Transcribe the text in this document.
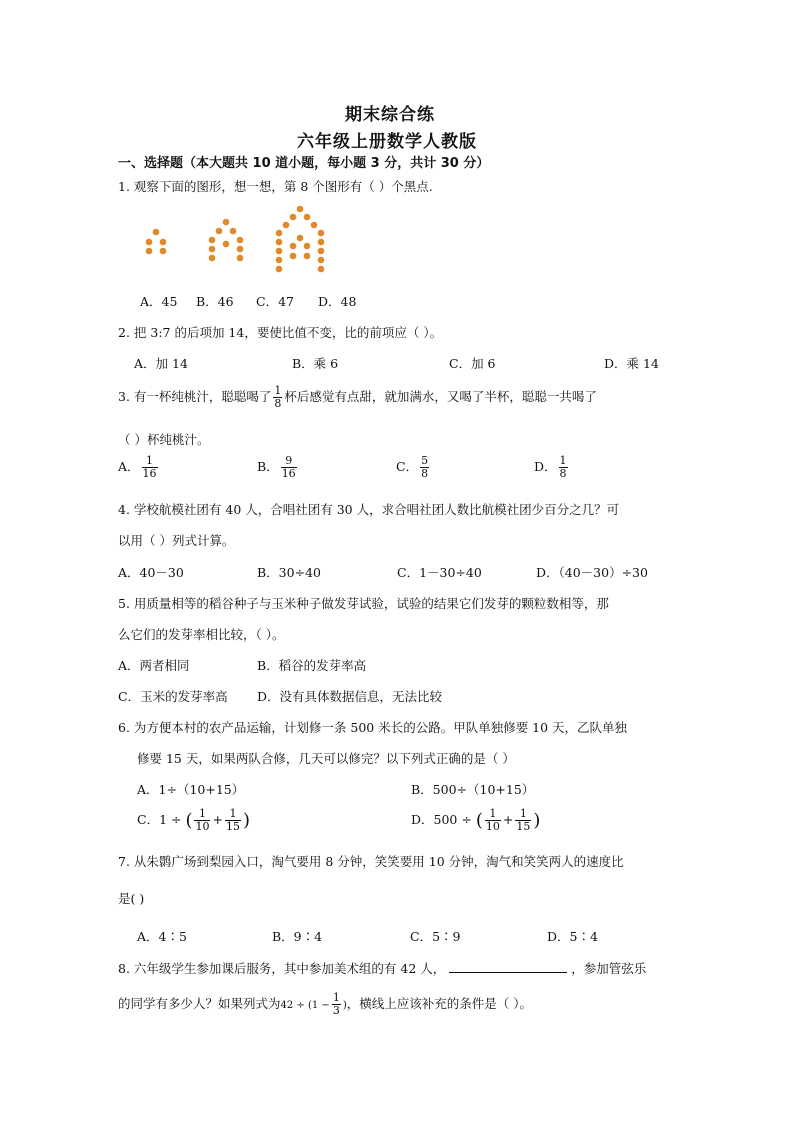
期末综合练
六年级上册数学人教版
一、选择题（本大题共 10 道小题，每小题 3 分，共计 30 分）
1. 观察下面的图形，想一想，第 8 个图形有（ ）个黑点.
A．45 B．46 C．47 D．48
2. 把 3:7 的后项加 14，要使比值不变，比的前项应（ ）。
A．加 14	B．乘 6	C．加 6	D．乘 14
3. 有一杯纯桃汁，聪聪喝了 $\frac{1}{8}$ 杯后感觉有点甜，就加满水，又喝了半杯，聪聪一共喝了
（ ）杯纯桃汁。
A． $\frac{1}{16}$	B． $\frac{9}{16}$	C． $\frac{5}{8}$	D． $\frac{1}{8}$
4. 学校航模社团有 40 人，合唱社团有 30 人，求合唱社团人数比航模社团少百分之几？可
以用（ ）列式计算。
A．40－30	B．30÷40	C．1－30÷40	D．（40－30）÷30
5. 用质量相等的稻谷种子与玉米种子做发芽试验，试验的结果它们发芽的颗粒数相等，那
么它们的发芽率相比较，（ ）。
A．两者相同	B．稻谷的发芽率高
C．玉米的发芽率高 D．没有具体数据信息，无法比较
6. 为方便本村的农产品运输，计划修一条 500 米长的公路。甲队单独修要 10 天，乙队单独
修要 15 天，如果两队合修，几天可以修完？以下列式正确的是（ ）
A．1÷（10+15）	B．500÷（10+15）
C．1 ÷ ( $\frac{1}{10} + \frac{1}{15}$ )	D．500 ÷ ( $\frac{1}{10} + \frac{1}{15}$ )
7. 从朱鹮广场到梨园入口，淘气要用 8 分钟，笑笑要用 10 分钟，淘气和笑笑两人的速度比
是( )
A．4∶5	B．9∶4	C．5∶9	D．5∶4
8. 六年级学生参加课后服务，其中参加美术组的有 42 人，	，参加管弦乐
的同学有多少人？如果列式为$42 \div (1 - \frac{1}{3}$ )，横线上应该补充的条件是（ ）。
